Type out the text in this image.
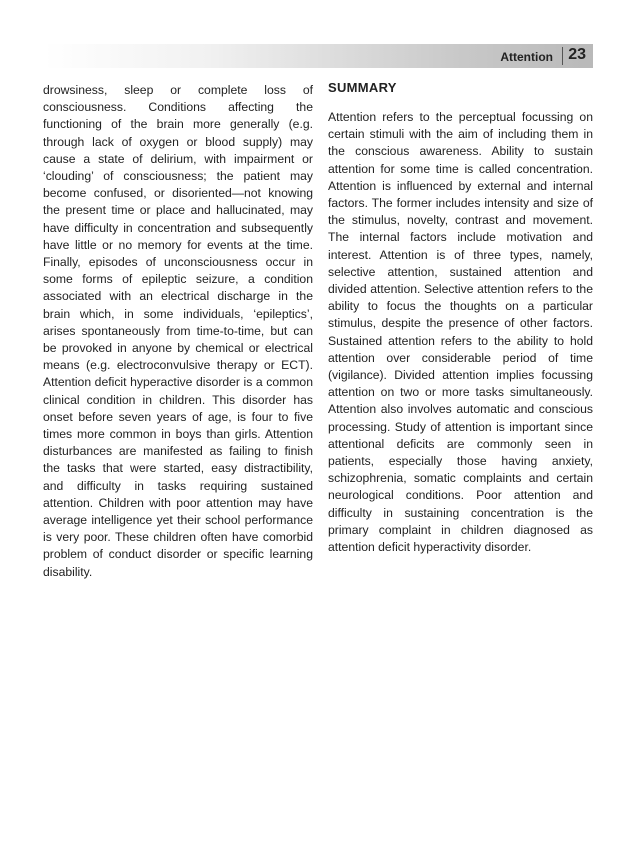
Attention 23

drowsiness, sleep or complete loss of consciousness. Conditions affecting the functioning of the brain more generally (e.g. through lack of oxygen or blood supply) may cause a state of delirium, with impairment or ‘clouding’ of consciousness; the patient may become confused, or disoriented—not knowing the present time or place and hallucinated, may have difficulty in concentration and subsequently have little or no memory for events at the time. Finally, episodes of unconsciousness occur in some forms of epileptic seizure, a condition associated with an electrical discharge in the brain which, in some individuals, ‘epileptics’, arises spontaneously from time-to-time, but can be provoked in anyone by chemical or electrical means (e.g. electroconvulsive therapy or ECT). Attention deficit hyperactive disorder is a common clinical condition in children. This disorder has onset before seven years of age, is four to five times more common in boys than girls. Attention disturbances are manifested as failing to finish the tasks that were started, easy distractibility, and difficulty in tasks requiring sustained attention. Children with poor attention may have average intelligence yet their school performance is very poor. These children often have comorbid problem of conduct disorder or specific learning disability.

SUMMARY

Attention refers to the perceptual focussing on certain stimuli with the aim of including them in the conscious awareness. Ability to sustain attention for some time is called concentration. Attention is influenced by external and internal factors. The former includes intensity and size of the stimulus, novelty, contrast and movement. The internal factors include motivation and interest. Attention is of three types, namely, selective attention, sustained attention and divided attention. Selective attention refers to the ability to focus the thoughts on a particular stimulus, despite the presence of other factors. Sustained attention refers to the ability to hold attention over considerable period of time (vigilance). Divided attention implies focussing attention on two or more tasks simultaneously. Attention also involves automatic and conscious processing. Study of attention is important since attentional deficits are commonly seen in patients, especially those having anxiety, schizophrenia, somatic complaints and certain neurological conditions. Poor attention and difficulty in sustaining concentration is the primary complaint in children diagnosed as attention deficit hyperactivity disorder.
